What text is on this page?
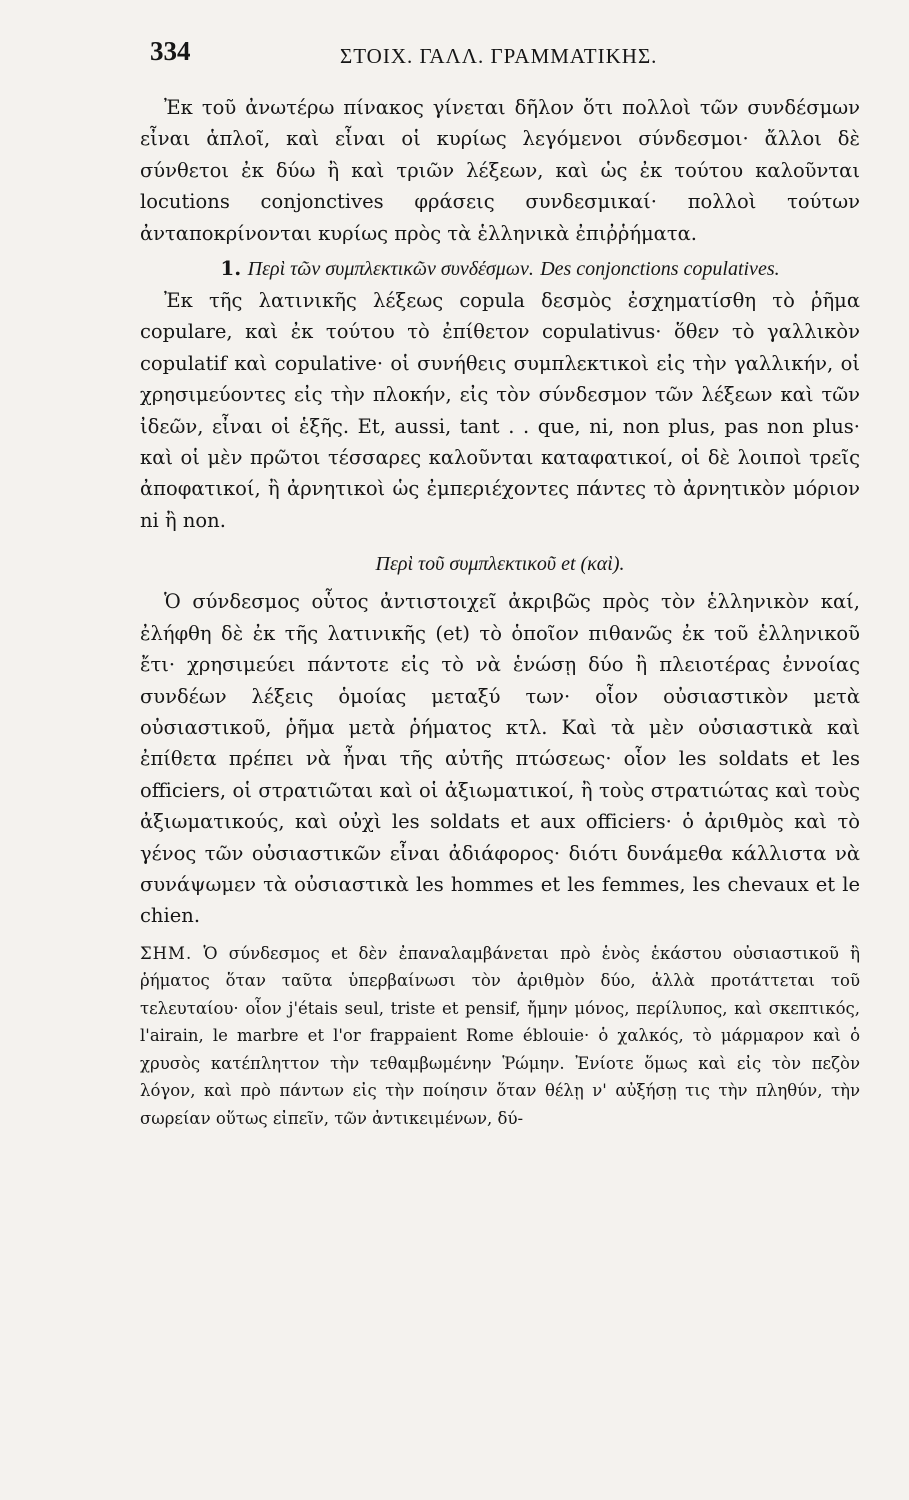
334	ΣΤΟΙΧ. ΓΑΛΛ. ΓΡΑΜΜΑΤΙΚΗΣ.

Ἐκ τοῦ ἀνωτέρω πίνακος γίνεται δῆλον ὅτι πολλοὶ τῶν συνδέσμων εἶναι ἁπλοῖ, καὶ εἶναι οἱ κυρίως λεγόμενοι σύνδεσμοι· ἄλλοι δὲ σύνθετοι ἐκ δύω ἢ καὶ τριῶν λέξεων, καὶ ὡς ἐκ τούτου καλοῦνται locutions conjonctives φράσεις συνδεσμικαί· πολλοὶ τούτων ἀνταποκρίνονται κυρίως πρὸς τὰ ἑλληνικὰ ἐπιῤῥήματα.

1. Περὶ τῶν συμπλεκτικῶν συνδέσμων. Des conjonctions copulatives.

Ἐκ τῆς λατινικῆς λέξεως copula δεσμὸς ἐσχηματίσθη τὸ ῥῆμα copulare, καὶ ἐκ τούτου τὸ ἐπίθετον copulativus· ὅθεν τὸ γαλλικὸν copulatif καὶ copulative· οἱ συνήθεις συμπλεκτικοὶ εἰς τὴν γαλλικήν, οἱ χρησιμεύοντες εἰς τὴν πλοκήν, εἰς τὸν σύνδεσμον τῶν λέξεων καὶ τῶν ἰδεῶν, εἶναι οἱ ἑξῆς. Et, aussi, tant . . que, ni, non plus, pas non plus· καὶ οἱ μὲν πρῶτοι τέσσαρες καλοῦνται καταφατικοί, οἱ δὲ λοιποὶ τρεῖς ἀποφατικοί, ἢ ἀρνητικοὶ ὡς ἐμπεριέχοντες πάντες τὸ ἀρνητικὸν μόριον ni ἢ non.

Περὶ τοῦ συμπλεκτικοῦ et (καὶ).

Ὁ σύνδεσμος οὗτος ἀντιστοιχεῖ ἀκριβῶς πρὸς τὸν ἑλληνικὸν καί, ἐλήφθη δὲ ἐκ τῆς λατινικῆς (et) τὸ ὁποῖον πιθανῶς ἐκ τοῦ ἑλληνικοῦ ἔτι· χρησιμεύει πάντοτε εἰς τὸ νὰ ἑνώσῃ δύο ἢ πλειοτέρας ἐννοίας συνδέων λέξεις ὁμοίας μεταξύ των· οἷον οὐσιαστικὸν μετὰ οὐσιαστικοῦ, ῥῆμα μετὰ ῥήματος κτλ. Καὶ τὰ μὲν οὐσιαστικὰ καὶ ἐπίθετα πρέπει νὰ ἦναι τῆς αὐτῆς πτώσεως· οἷον les soldats et les officiers, οἱ στρατιῶται καὶ οἱ ἀξιωματικοί, ἢ τοὺς στρατιώτας καὶ τοὺς ἀξιωματικούς, καὶ οὐχὶ les soldats et aux officiers· ὁ ἀριθμὸς καὶ τὸ γένος τῶν οὐσιαστικῶν εἶναι ἀδιάφορος· διότι δυνάμεθα κάλλιστα νὰ συνάψωμεν τὰ οὐσιαστικὰ les hommes et les femmes, les chevaux et le chien.

ΣΗΜ. Ὁ σύνδεσμος et δὲν ἐπαναλαμβάνεται πρὸ ἑνὸς ἑκάστου οὐσιαστικοῦ ἢ ῥήματος ὅταν ταῦτα ὑπερβαίνωσι τὸν ἀριθμὸν δύο, ἀλλὰ προτάττεται τοῦ τελευταίου· οἷον j'étais seul, triste et pensif, ἤμην μόνος, περίλυπος, καὶ σκεπτικός, l'airain, le marbre et l'or frappaient Rome éblouie· ὁ χαλκός, τὸ μάρμαρον καὶ ὁ χρυσὸς κατέπληττον τὴν τεθαμβωμένην Ῥώμην. Ἐνίοτε ὅμως καὶ εἰς τὸν πεζὸν λόγον, καὶ πρὸ πάντων εἰς τὴν ποίησιν ὅταν θέλῃ ν' αὐξήσῃ τις τὴν πληθύν, τὴν σωρείαν οὕτως εἰπεῖν, τῶν ἀντικειμένων, δύ-
